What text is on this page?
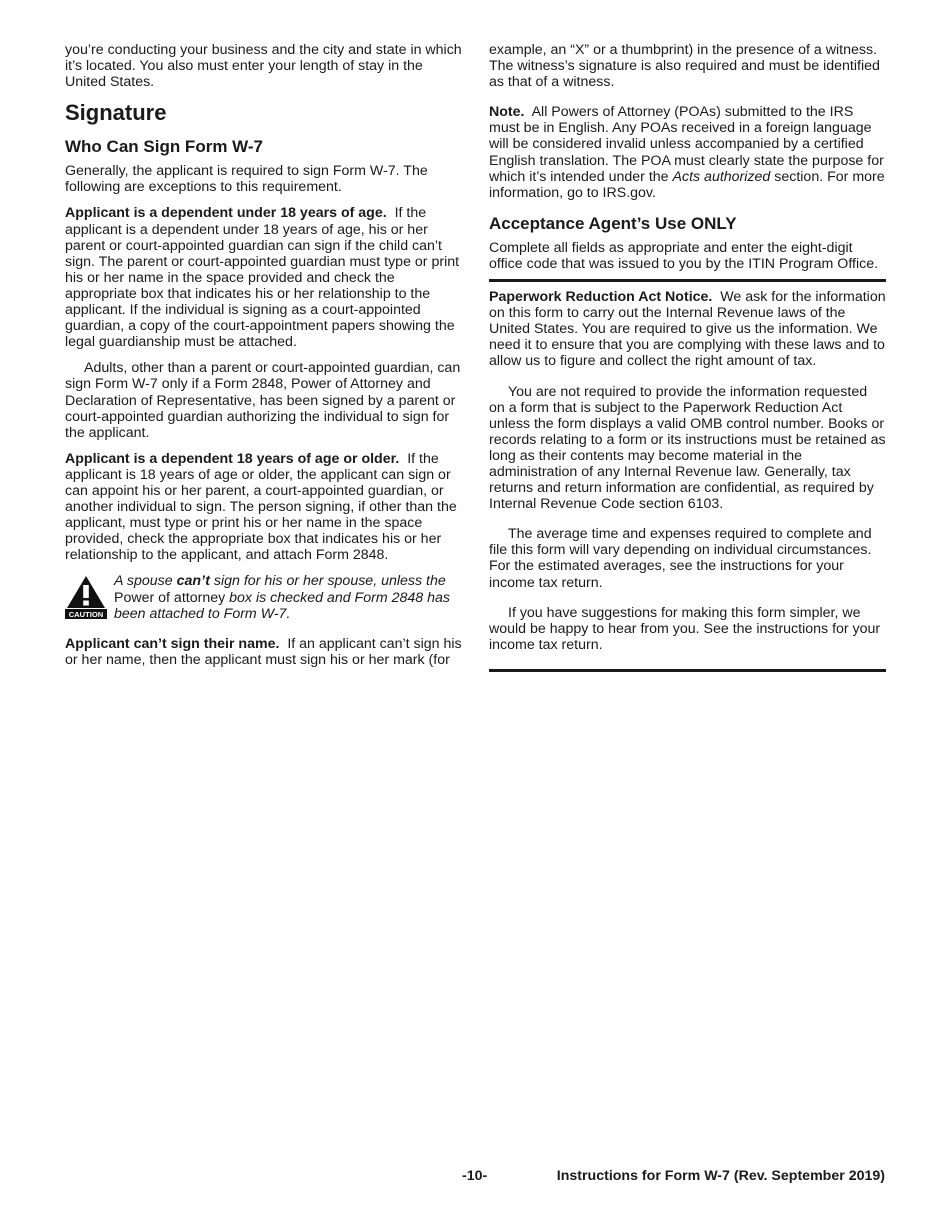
you’re conducting your business and the city and state in which it’s located. You also must enter your length of stay in the United States.

Signature
Who Can Sign Form W-7

Generally, the applicant is required to sign Form W-7. The following are exceptions to this requirement.

Applicant is a dependent under 18 years of age. If the applicant is a dependent under 18 years of age, his or her parent or court-appointed guardian can sign if the child can’t sign. The parent or court-appointed guardian must type or print his or her name in the space provided and check the appropriate box that indicates his or her relationship to the applicant. If the individual is signing as a court-appointed guardian, a copy of the court-appointment papers showing the legal guardianship must be attached.

Adults, other than a parent or court-appointed guardian, can sign Form W-7 only if a Form 2848, Power of Attorney and Declaration of Representative, has been signed by a parent or court-appointed guardian authorizing the individual to sign for the applicant.

Applicant is a dependent 18 years of age or older. If the applicant is 18 years of age or older, the applicant can sign or can appoint his or her parent, a court-appointed guardian, or another individual to sign. The person signing, if other than the applicant, must type or print his or her name in the space provided, check the appropriate box that indicates his or her relationship to the applicant, and attach Form 2848.

CAUTION
A spouse can’t sign for his or her spouse, unless the Power of attorney box is checked and Form 2848 has been attached to Form W-7.

Applicant can’t sign their name. If an applicant can’t sign his or her name, then the applicant must sign his or her mark (for

example, an “X” or a thumbprint) in the presence of a witness. The witness’s signature is also required and must be identified as that of a witness.

Note. All Powers of Attorney (POAs) submitted to the IRS must be in English. Any POAs received in a foreign language will be considered invalid unless accompanied by a certified English translation. The POA must clearly state the purpose for which it’s intended under the Acts authorized section. For more information, go to IRS.gov.

Acceptance Agent’s Use ONLY

Complete all fields as appropriate and enter the eight-digit office code that was issued to you by the ITIN Program Office.

Paperwork Reduction Act Notice. We ask for the information on this form to carry out the Internal Revenue laws of the United States. You are required to give us the information. We need it to ensure that you are complying with these laws and to allow us to figure and collect the right amount of tax.

You are not required to provide the information requested on a form that is subject to the Paperwork Reduction Act unless the form displays a valid OMB control number. Books or records relating to a form or its instructions must be retained as long as their contents may become material in the administration of any Internal Revenue law. Generally, tax returns and return information are confidential, as required by Internal Revenue Code section 6103.

The average time and expenses required to complete and file this form will vary depending on individual circumstances. For the estimated averages, see the instructions for your income tax return.

If you have suggestions for making this form simpler, we would be happy to hear from you. See the instructions for your income tax return.

-10-	Instructions for Form W-7 (Rev. September 2019)
